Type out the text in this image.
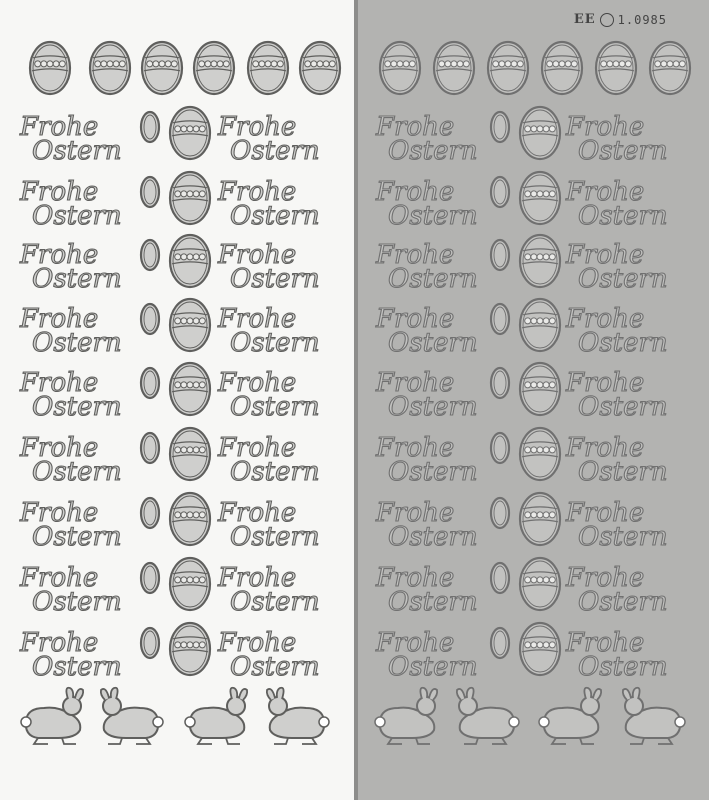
Frohe
Ostern
Frohe
Ostern
Frohe
Ostern
Frohe
Ostern
Frohe
Ostern
Frohe
Ostern
Frohe
Ostern
Frohe
Ostern
Frohe
Ostern
Frohe
Ostern
Frohe
Ostern
Frohe
Ostern
Frohe
Ostern
Frohe
Ostern
Frohe
Ostern
Frohe
Ostern
Frohe
Ostern
Frohe
Ostern
EE 1.0985
Frohe
Ostern
Frohe
Ostern
Frohe
Ostern
Frohe
Ostern
Frohe
Ostern
Frohe
Ostern
Frohe
Ostern
Frohe
Ostern
Frohe
Ostern
Frohe
Ostern
Frohe
Ostern
Frohe
Ostern
Frohe
Ostern
Frohe
Ostern
Frohe
Ostern
Frohe
Ostern
Frohe
Ostern
Frohe
Ostern
